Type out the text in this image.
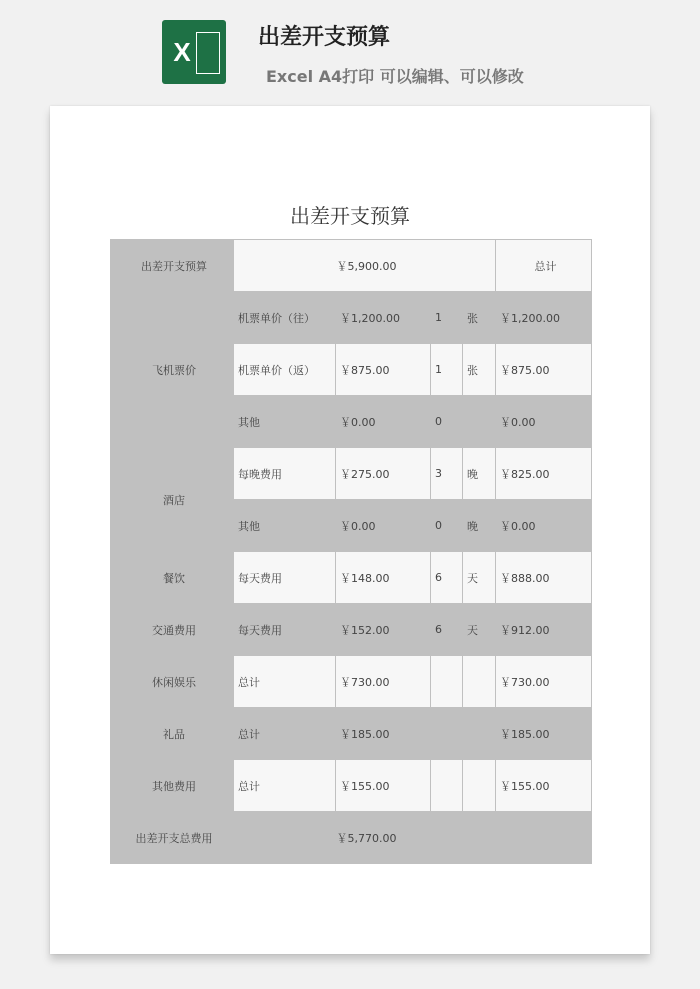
X	出差开支预算
Excel A4打印 可以编辑、可以修改
出差开支预算
出差开支预算	￥5,900.00				总计
飞机票价	机票单价（往）	￥1,200.00	1	张	￥1,200.00
	机票单价（返）	￥875.00	1	张	￥875.00
	其他	￥0.00	0		￥0.00
酒店	每晚费用	￥275.00	3	晚	￥825.00
	其他	￥0.00	0	晚	￥0.00
餐饮	每天费用	￥148.00	6	天	￥888.00
交通费用	每天费用	￥152.00	6	天	￥912.00
休闲娱乐	总计	￥730.00			￥730.00
礼品	总计	￥185.00			￥185.00
其他费用	总计	￥155.00			￥155.00
出差开支总费用	￥5,770.00				
